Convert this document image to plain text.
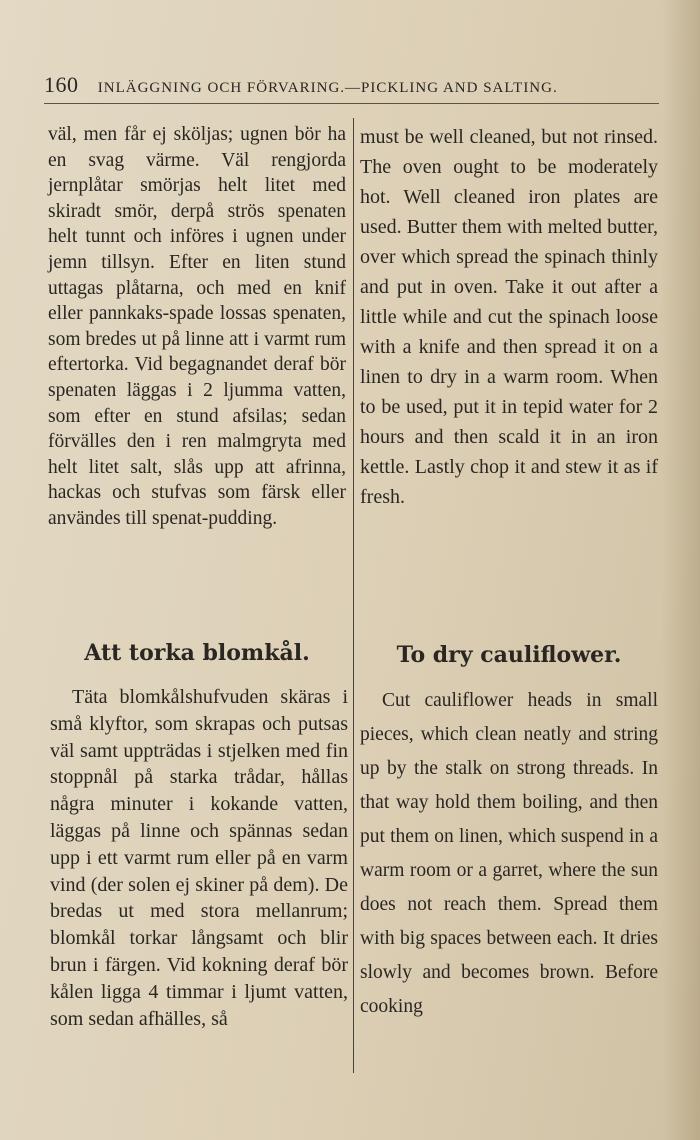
160 INLÄGGNING OCH FÖRVARING.—PICKLING AND SALTING.

väl, men får ej sköljas; ugnen bör ha en svag värme. Väl rengjorda jernplåtar smörjas helt litet med skiradt smör, derpå strös spenaten helt tunnt och införes i ugnen under jemn tillsyn. Efter en liten stund uttagas plåtarna, och med en knif eller pannkaks-spade lossas spenaten, som bredes ut på linne att i varmt rum eftertorka. Vid begagnandet deraf bör spenaten läggas i 2 ljumma vatten, som efter en stund afsilas; sedan förvälles den i ren malmgryta med helt litet salt, slås upp att afrinna, hackas och stufvas som färsk eller användes till spenat-pudding.

must be well cleaned, but not rinsed. The oven ought to be moderately hot. Well cleaned iron plates are used. Butter them with melted butter, over which spread the spinach thinly and put in oven. Take it out after a little while and cut the spinach loose with a knife and then spread it on a linen to dry in a warm room. When to be used, put it in tepid water for 2 hours and then scald it in an iron kettle. Lastly chop it and stew it as if fresh.

Att torka blomkål.	To dry cauliflower.

Täta blomkålshufvuden skäras i små klyftor, som skrapas och putsas väl samt uppträdas i stjelken med fin stoppnål på starka trådar, hållas några minuter i kokande vatten, läggas på linne och spännas sedan upp i ett varmt rum eller på en varm vind (der solen ej skiner på dem). De bredas ut med stora mellanrum; blomkål torkar långsamt och blir brun i färgen. Vid kokning deraf bör kålen ligga 4 timmar i ljumt vatten, som sedan afhälles, så

Cut cauliflower heads in small pieces, which clean neatly and string up by the stalk on strong threads. In that way hold them boiling, and then put them on linen, which suspend in a warm room or a garret, where the sun does not reach them. Spread them with big spaces between each. It dries slowly and becomes brown. Before cooking
